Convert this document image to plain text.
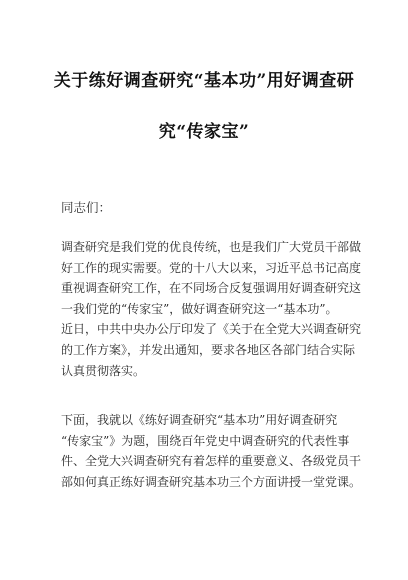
关于练好调查研究“基本功”用好调查研
究“传家宝”
同志们：
调查研究是我们党的优良传统，也是我们广大党员干部做
好工作的现实需要。党的十八大以来，习近平总书记高度
重视调查研究工作，在不同场合反复强调用好调查研究这
一我们党的“传家宝”，做好调查研究这一“基本功”。
近日，中共中央办公厅印发了《关于在全党大兴调查研究
的工作方案》，并发出通知，要求各地区各部门结合实际
认真贯彻落实。
下面，我就以《练好调查研究“基本功”用好调查研究
“传家宝”》为题，围绕百年党史中调查研究的代表性事
件、全党大兴调查研究有着怎样的重要意义、各级党员干
部如何真正练好调查研究基本功三个方面讲授一堂党课。
